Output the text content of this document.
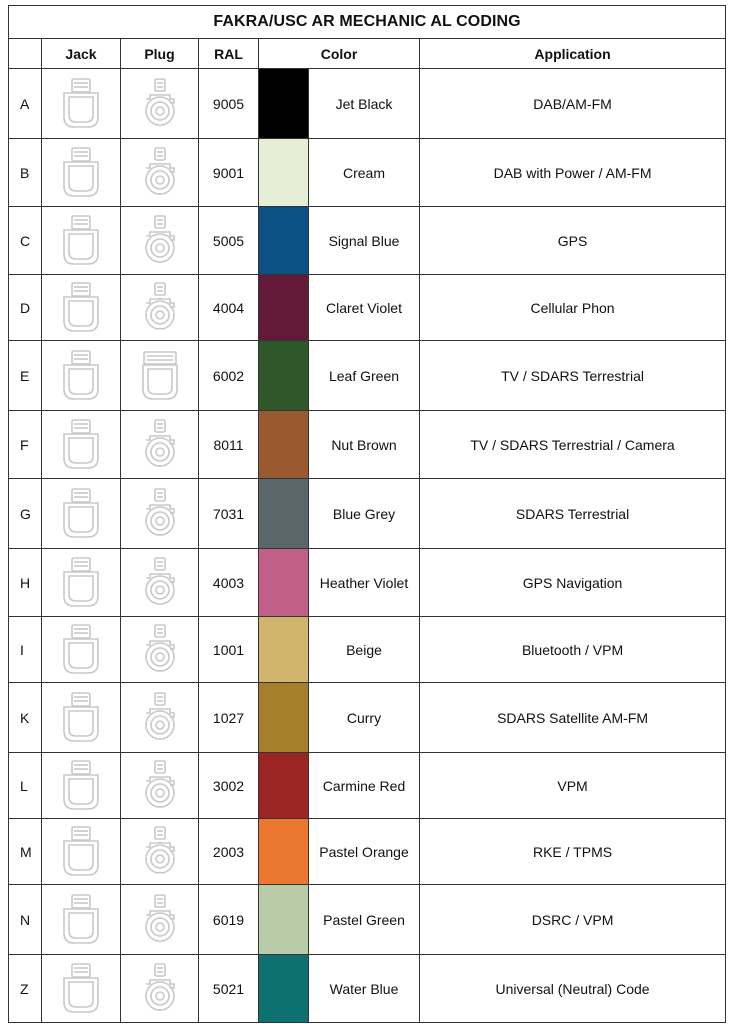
FAKRA/USC AR MECHANIC AL CODING						
	Jack	Plug	RAL	Color		Application
A			9005		Jet Black	DAB/AM-FM
B			9001		Cream	DAB with Power / AM-FM
C			5005		Signal Blue	GPS
D			4004		Claret Violet	Cellular Phon
E			6002		Leaf Green	TV / SDARS Terrestrial
F			8011		Nut Brown	TV / SDARS Terrestrial / Camera
G			7031		Blue Grey	SDARS Terrestrial
H			4003		Heather Violet	GPS Navigation
I			1001		Beige	Bluetooth / VPM
K			1027		Curry	SDARS Satellite AM-FM
L			3002		Carmine Red	VPM
M			2003		Pastel Orange	RKE / TPMS
N			6019		Pastel Green	DSRC / VPM
Z			5021		Water Blue	Universal (Neutral) Code
